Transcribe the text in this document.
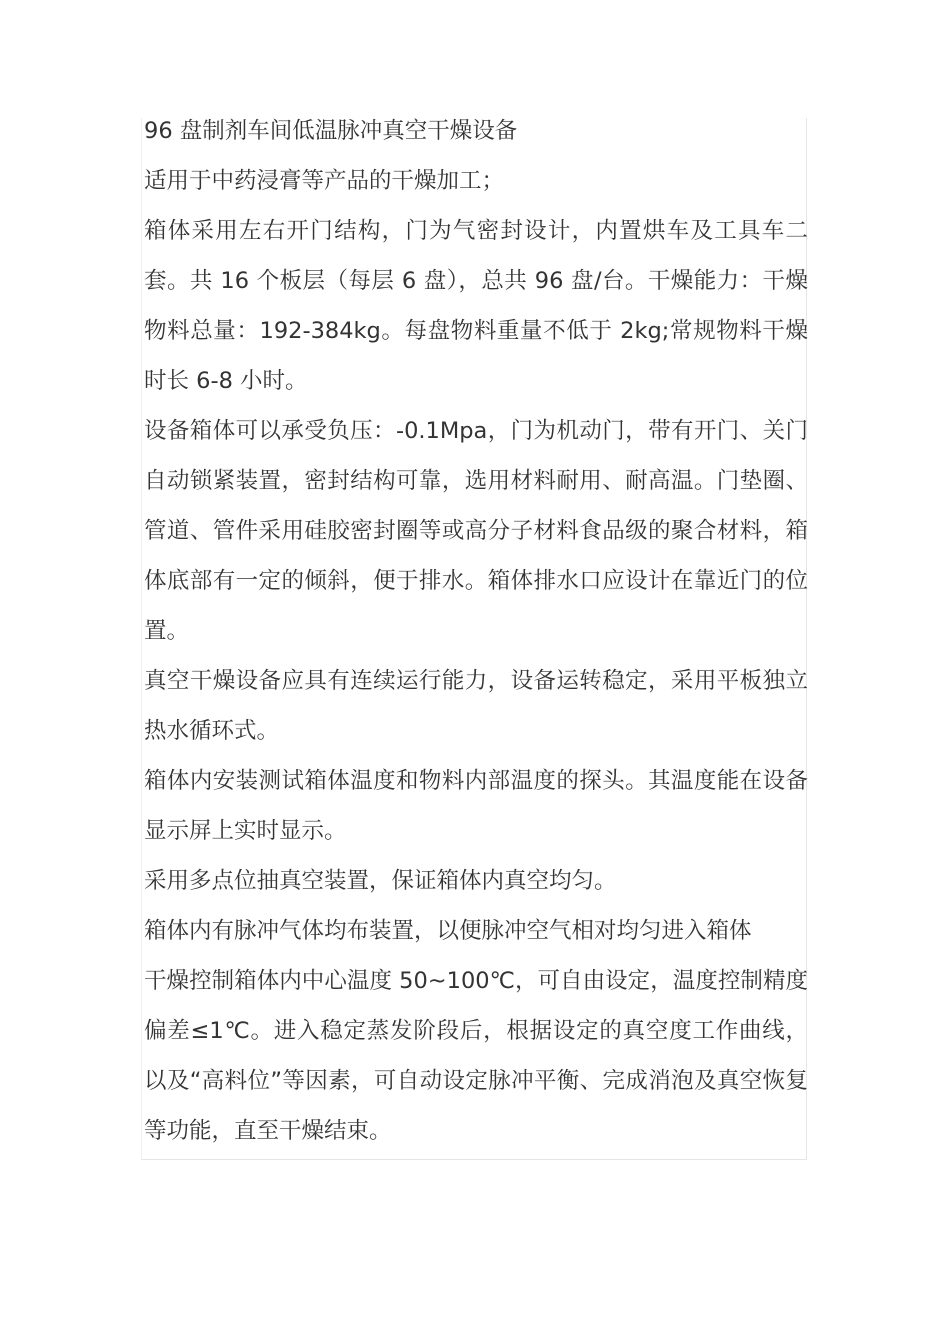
96 盘制剂车间低温脉冲真空干燥设备

适用于中药浸膏等产品的干燥加工；

箱体采用左右开门结构，门为气密封设计，内置烘车及工具车二套。共 16 个板层（每层 6 盘），总共 96 盘/台。干燥能力：干燥物料总量：192-384kg。每盘物料重量不低于 2kg;常规物料干燥时长 6-8 小时。

设备箱体可以承受负压：-0.1Mpa，门为机动门，带有开门、关门自动锁紧装置，密封结构可靠，选用材料耐用、耐高温。门垫圈、管道、管件采用硅胶密封圈等或高分子材料食品级的聚合材料，箱体底部有一定的倾斜，便于排水。箱体排水口应设计在靠近门的位置。

真空干燥设备应具有连续运行能力，设备运转稳定，采用平板独立热水循环式。

箱体内安装测试箱体温度和物料内部温度的探头。其温度能在设备显示屏上实时显示。

采用多点位抽真空装置，保证箱体内真空均匀。

箱体内有脉冲气体均布装置，以便脉冲空气相对均匀进入箱体

干燥控制箱体内中心温度 50~100℃，可自由设定，温度控制精度偏差≤1℃。进入稳定蒸发阶段后，根据设定的真空度工作曲线，以及“高料位”等因素，可自动设定脉冲平衡、完成消泡及真空恢复等功能，直至干燥结束。
